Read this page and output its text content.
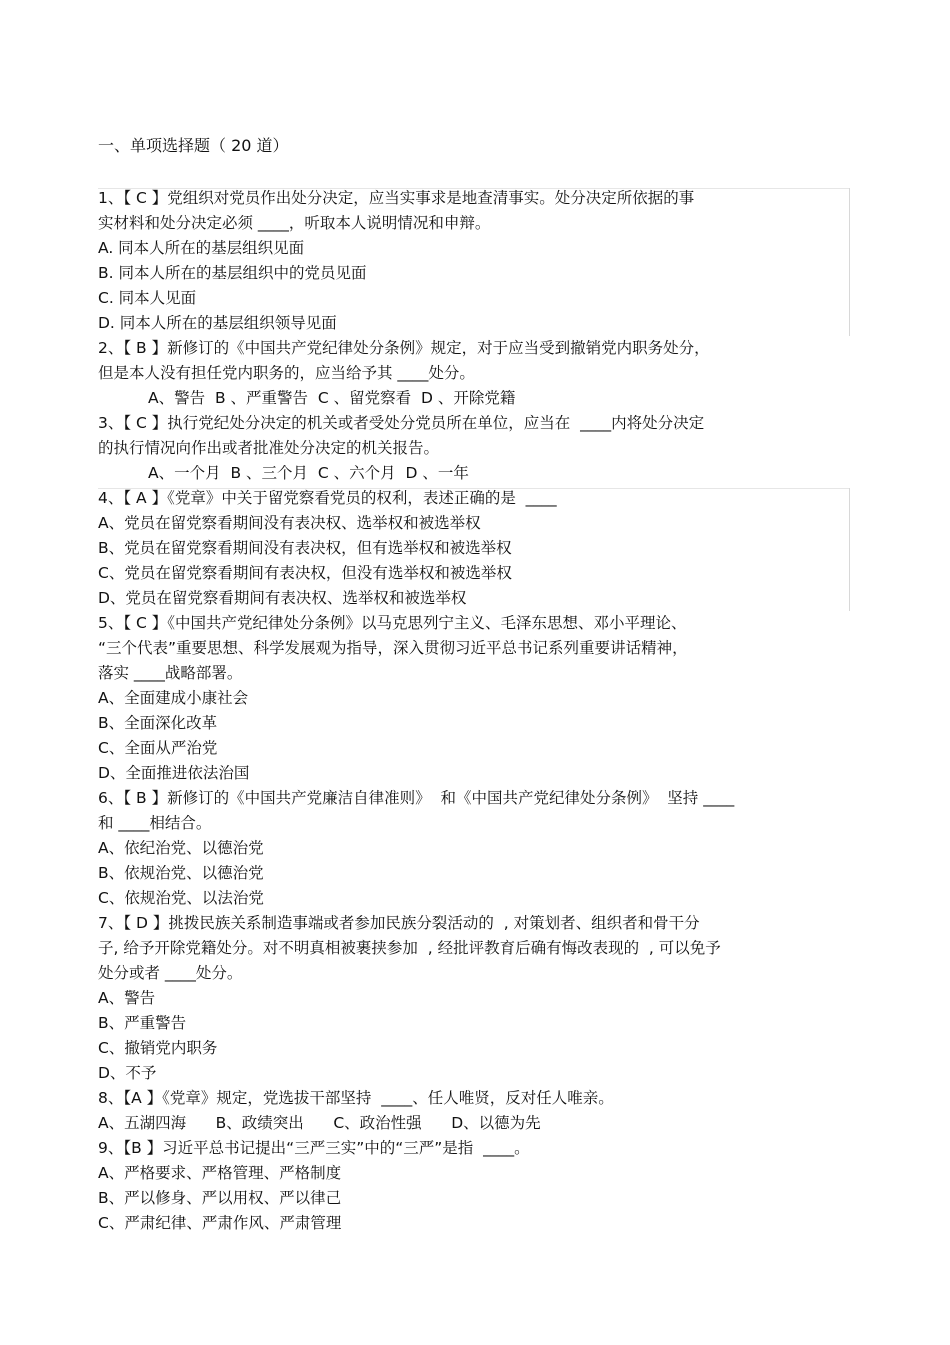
一、单项选择题（ 20 道）
1、【 C 】党组织对党员作出处分决定，应当实事求是地查清事实。处分决定所依据的事
实材料和处分决定必须 ____，听取本人说明情况和申辩。
A. 同本人所在的基层组织见面
B. 同本人所在的基层组织中的党员见面
C. 同本人见面
D. 同本人所在的基层组织领导见面
2、【 B 】新修订的《中国共产党纪律处分条例》规定，对于应当受到撤销党内职务处分，
但是本人没有担任党内职务的，应当给予其 ____处分。
A、警告  B 、严重警告  C 、留党察看  D 、开除党籍
3、【 C 】执行党纪处分决定的机关或者受处分党员所在单位，应当在  ____内将处分决定
的执行情况向作出或者批准处分决定的机关报告。
A、一个月  B 、三个月  C 、六个月  D 、一年
4、【 A 】《党章》中关于留党察看党员的权利，表述正确的是  ____
A、党员在留党察看期间没有表决权、选举权和被选举权
B、党员在留党察看期间没有表决权，但有选举权和被选举权
C、党员在留党察看期间有表决权，但没有选举权和被选举权
D、党员在留党察看期间有表决权、选举权和被选举权
5、【 C 】《中国共产党纪律处分条例》以马克思列宁主义、毛泽东思想、邓小平理论、
“三个代表”重要思想、科学发展观为指导，深入贯彻习近平总书记系列重要讲话精神，
落实 ____战略部署。
A、全面建成小康社会
B、全面深化改革
C、全面从严治党
D、全面推进依法治国
6、【 B 】新修订的《中国共产党廉洁自律准则》  和《中国共产党纪律处分条例》  坚持 ____
和 ____相结合。
A、依纪治党、以德治党
B、依规治党、以德治党
C、依规治党、以法治党
7、【 D 】挑拨民族关系制造事端或者参加民族分裂活动的  , 对策划者、组织者和骨干分
子, 给予开除党籍处分。对不明真相被裹挟参加  , 经批评教育后确有悔改表现的  , 可以免予
处分或者 ____处分。
A、警告
B、严重警告
C、撤销党内职务
D、不予
8、【A 】《党章》规定，党选拔干部坚持  ____、任人唯贤，反对任人唯亲。
A、五湖四海      B、政绩突出      C、政治性强      D、以德为先
9、【B 】习近平总书记提出“三严三实”中的“三严”是指  ____。
A、严格要求、严格管理、严格制度
B、严以修身、严以用权、严以律己
C、严肃纪律、严肃作风、严肃管理
